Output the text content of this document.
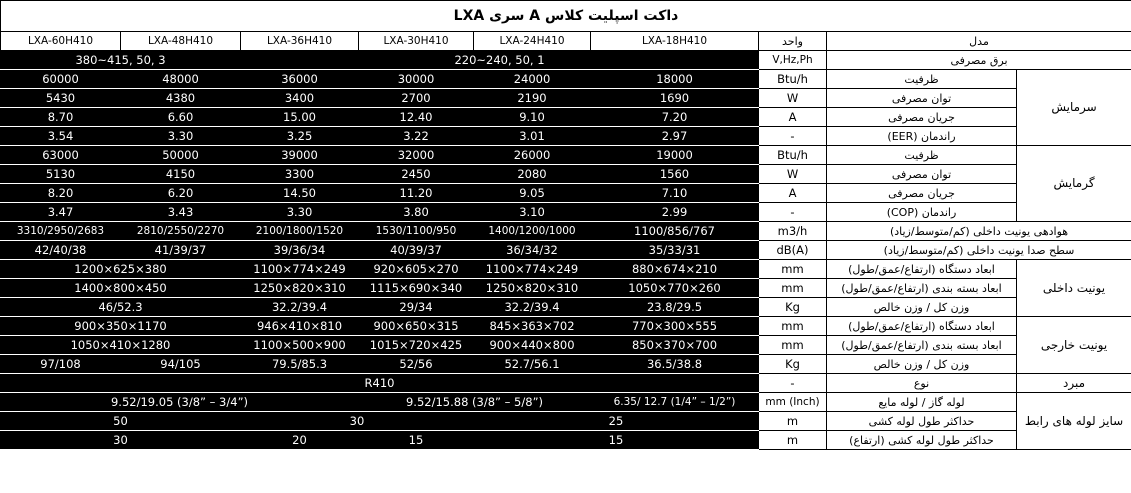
داکت اسپلیت کلاس A سری LXA								
LXA-60H410	LXA-48H410	LXA-36H410	LXA-30H410	LXA-24H410	LXA-18H410	واحد	مدل	
380~415, 50, 3		220~240, 50, 1				V,Hz,Ph	برق مصرفی	
60000	48000	36000	30000	24000	18000	Btu/h	ظرفیت	سرمایش
5430	4380	3400	2700	2190	1690	W	توان مصرفی	
8.70	6.60	15.00	12.40	9.10	7.20	A	جریان مصرفی	
3.54	3.30	3.25	3.22	3.01	2.97	-	راندمان (EER)	
63000	50000	39000	32000	26000	19000	Btu/h	ظرفیت	گرمایش
5130	4150	3300	2450	2080	1560	W	توان مصرفی	
8.20	6.20	14.50	11.20	9.05	7.10	A	جریان مصرفی	
3.47	3.43	3.30	3.80	3.10	2.99	-	راندمان (COP)	
3310/2950/2683	2810/2550/2270	2100/1800/1520	1530/1100/950	1400/1200/1000	1100/856/767	m3/h	هوادهی یونیت داخلی (کم/متوسط/زیاد)	
42/40/38	41/39/37	39/36/34	40/39/37	36/34/32	35/33/31	dB(A)	سطح صدا یونیت داخلی (کم/متوسط/زیاد)	
1200×625×380		1100×774×249	920×605×270	1100×774×249	880×674×210	mm	ابعاد دستگاه (ارتفاع/عمق/طول)	یونیت داخلی
1400×800×450		1250×820×310	1115×690×340	1250×820×310	1050×770×260	mm	ابعاد بسته بندی (ارتفاع/عمق/طول)	
46/52.3		32.2/39.4	29/34	32.2/39.4	23.8/29.5	Kg	وزن کل / وزن خالص	
900×350×1170		946×410×810	900×650×315	845×363×702	770×300×555	mm	ابعاد دستگاه (ارتفاع/عمق/طول)	یونیت خارجی
1050×410×1280		1100×500×900	1015×720×425	900×440×800	850×370×700	mm	ابعاد بسته بندی (ارتفاع/عمق/طول)	
97/108	94/105	79.5/85.3	52/56	52.7/56.1	36.5/38.8	Kg	وزن کل / وزن خالص	
R410						-	نوع	مبرد
9.52/19.05 (3/8” – 3/4”)			9.52/15.88 (3/8” – 5/8”)		6.35/ 12.7 (1/4” – 1/2”)	mm (Inch)	لوله گاز / لوله مایع	سایز لوله های رابط
50		30		25		m	حداکثر طول لوله کشی	
30		20	15	15		m	حداکثر طول لوله کشی (ارتفاع)	
